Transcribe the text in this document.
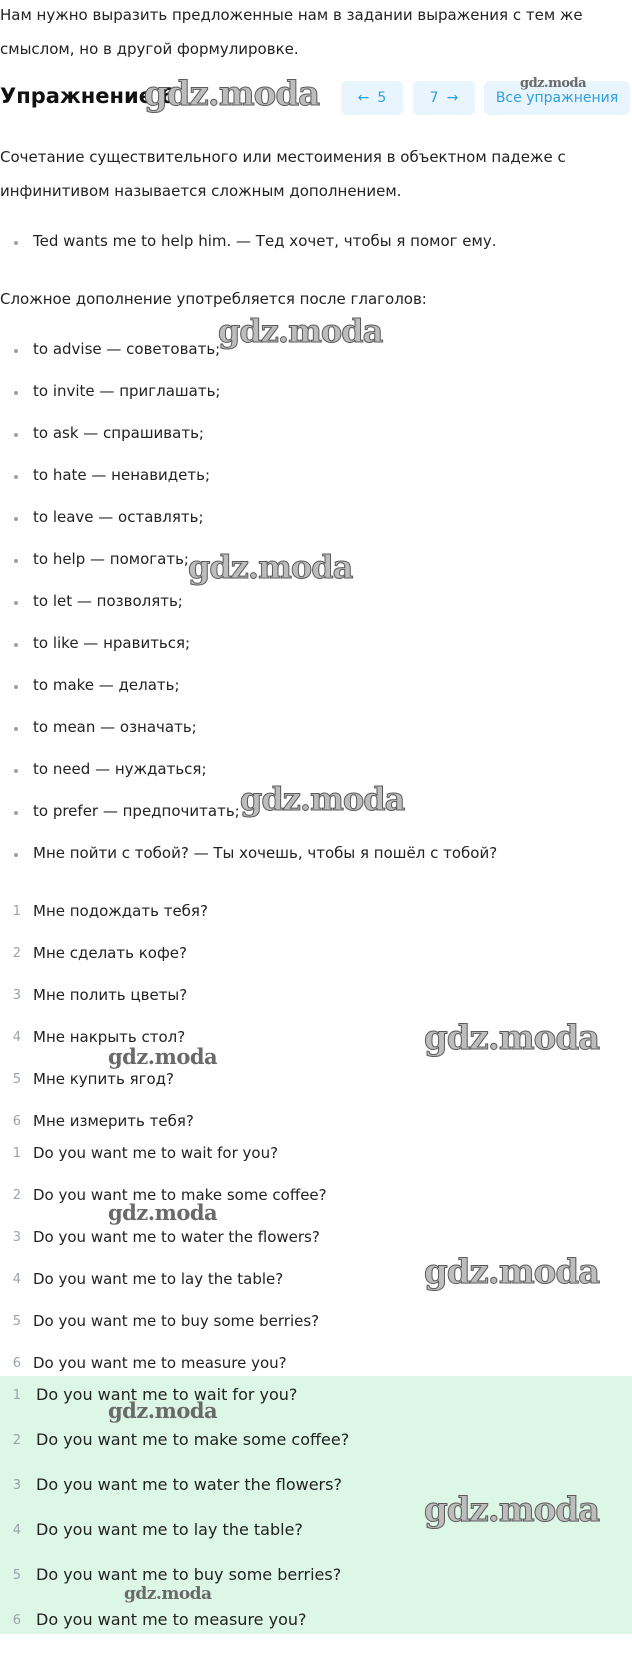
Нам нужно выразить предложенные нам в задании выражения с тем же
смыслом, но в другой формулировке.
Упражнение 6	← 5	7 →	Все упражнения
Сочетание существительного или местоимения в объектном падеже с
инфинитивом называется сложным дополнением.
Ted wants me to help him. — Тед хочет, чтобы я помог ему.
Сложное дополнение употребляется после глаголов:
to advise — советовать;
to invite — приглашать;
to ask — спрашивать;
to hate — ненавидеть;
to leave — оставлять;
to help — помогать;
to let — позволять;
to like — нравиться;
to make — делать;
to mean — означать;
to need — нуждаться;
to prefer — предпочитать;
Мне пойти с тобой? — Ты хочешь, чтобы я пошёл с тобой?
1 Мне подождать тебя?
2 Мне сделать кофе?
3 Мне полить цветы?
4 Мне накрыть стол?
5 Мне купить ягод?
6 Мне измерить тебя?
1 Do you want me to wait for you?
2 Do you want me to make some coffee?
3 Do you want me to water the flowers?
4 Do you want me to lay the table?
5 Do you want me to buy some berries?
6 Do you want me to measure you?
1 Do you want me to wait for you?
2 Do you want me to make some coffee?
3 Do you want me to water the flowers?
4 Do you want me to lay the table?
5 Do you want me to buy some berries?
6 Do you want me to measure you?
gdz.moda	gdz.moda
gdz.moda
gdz.moda
gdz.moda
gdz.moda
gdz.moda
gdz.moda
gdz.moda
gdz.moda
gdz.moda
gdz.moda
